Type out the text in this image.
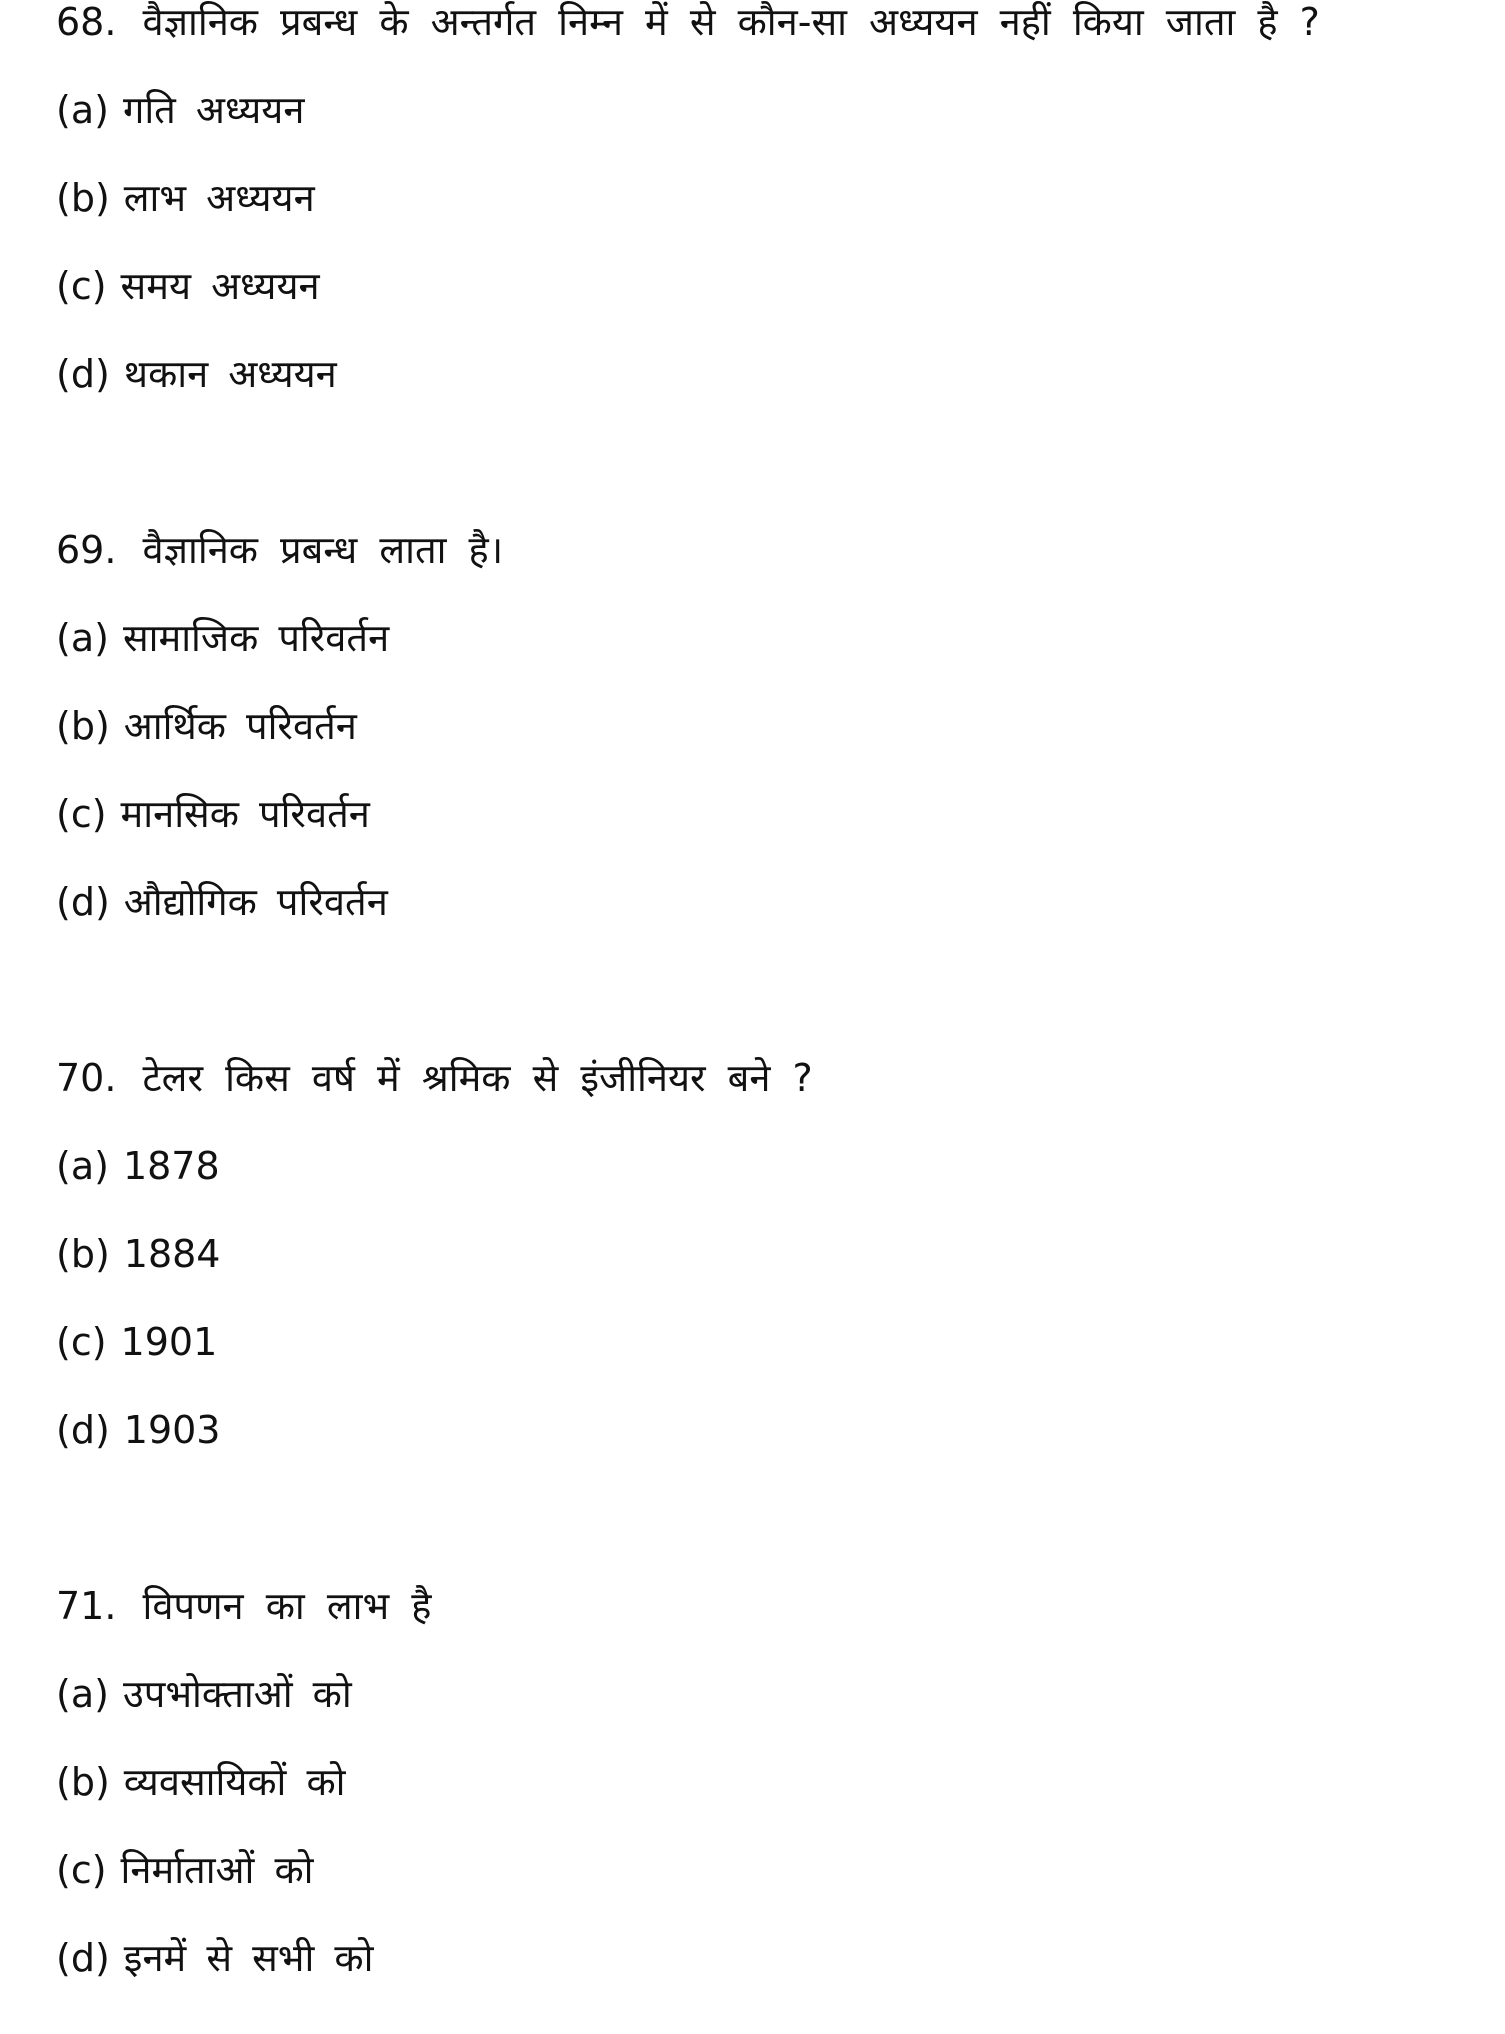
68. वैज्ञानिक प्रबन्ध के अन्तर्गत निम्न में से कौन-सा अध्ययन नहीं किया जाता है ?
(a) गति अध्ययन
(b) लाभ अध्ययन
(c) समय अध्ययन
(d) थकान अध्ययन
69. वैज्ञानिक प्रबन्ध लाता है।
(a) सामाजिक परिवर्तन
(b) आर्थिक परिवर्तन
(c) मानसिक परिवर्तन
(d) औद्योगिक परिवर्तन
70. टेलर किस वर्ष में श्रमिक से इंजीनियर बने ?
(a) 1878
(b) 1884
(c) 1901
(d) 1903
71. विपणन का लाभ है
(a) उपभोक्ताओं को
(b) व्यवसायिकों को
(c) निर्माताओं को
(d) इनमें से सभी को
